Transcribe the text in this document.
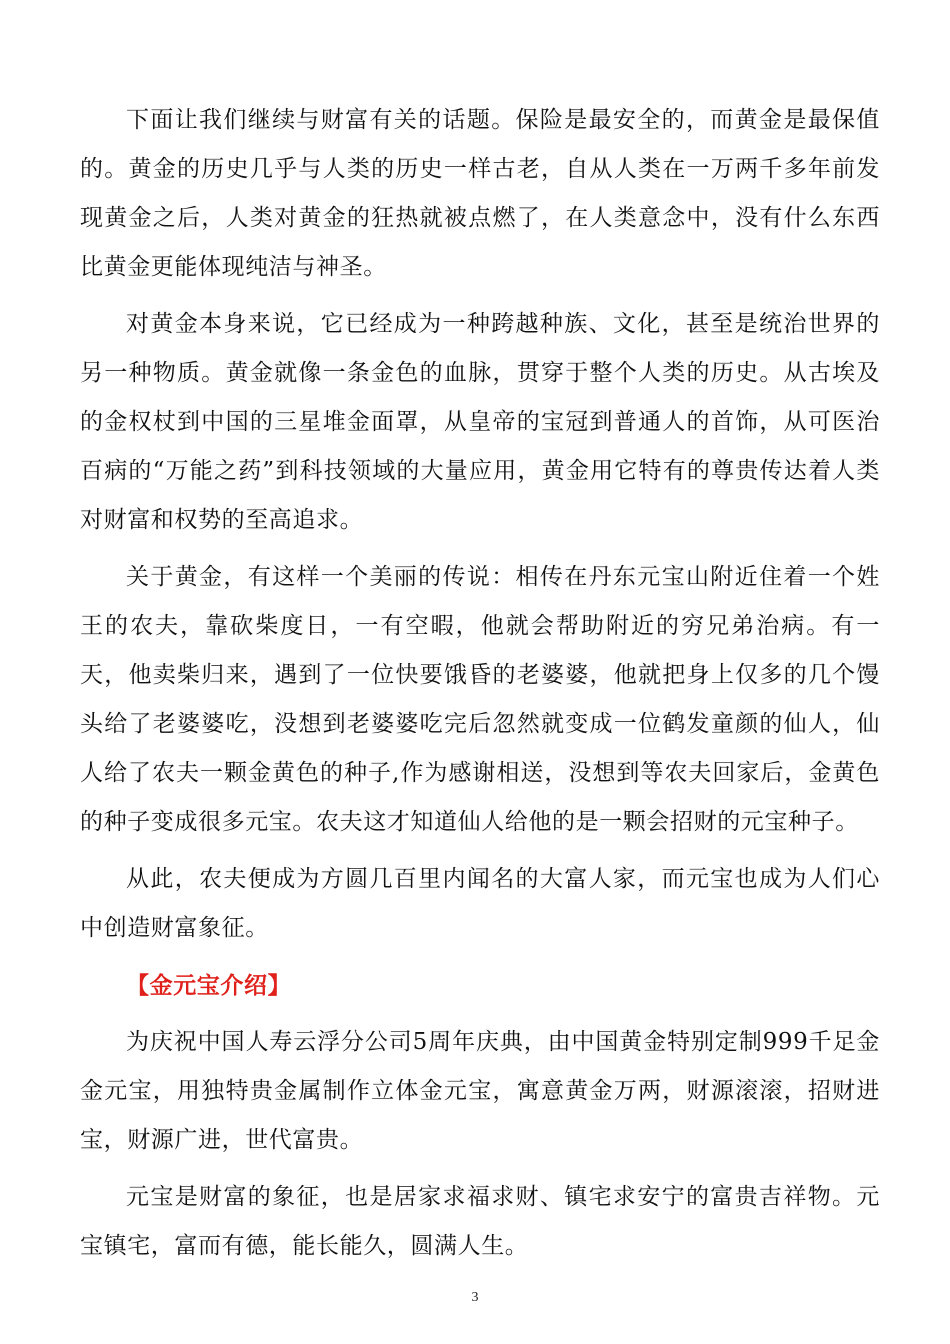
下面让我们继续与财富有关的话题。保险是最安全的，而黄金是最保值的。黄金的历史几乎与人类的历史一样古老，自从人类在一万两千多年前发现黄金之后，人类对黄金的狂热就被点燃了，在人类意念中，没有什么东西比黄金更能体现纯洁与神圣。

对黄金本身来说，它已经成为一种跨越种族、文化，甚至是统治世界的另一种物质。黄金就像一条金色的血脉，贯穿于整个人类的历史。从古埃及的金权杖到中国的三星堆金面罩，从皇帝的宝冠到普通人的首饰，从可医治百病的“万能之药”到科技领域的大量应用，黄金用它特有的尊贵传达着人类对财富和权势的至高追求。

关于黄金，有这样一个美丽的传说：相传在丹东元宝山附近住着一个姓王的农夫，靠砍柴度日，一有空暇，他就会帮助附近的穷兄弟治病。有一天，他卖柴归来，遇到了一位快要饿昏的老婆婆，他就把身上仅多的几个馒头给了老婆婆吃，没想到老婆婆吃完后忽然就变成一位鹤发童颜的仙人，仙人给了农夫一颗金黄色的种子,作为感谢相送，没想到等农夫回家后，金黄色的种子变成很多元宝。农夫这才知道仙人给他的是一颗会招财的元宝种子。

从此，农夫便成为方圆几百里内闻名的大富人家，而元宝也成为人们心中创造财富象征。

【金元宝介绍】

为庆祝中国人寿云浮分公司5周年庆典，由中国黄金特别定制999千足金金元宝，用独特贵金属制作立体金元宝，寓意黄金万两，财源滚滚，招财进宝，财源广进，世代富贵。

元宝是财富的象征，也是居家求福求财、镇宅求安宁的富贵吉祥物。元宝镇宅，富而有德，能长能久，圆满人生。

3
